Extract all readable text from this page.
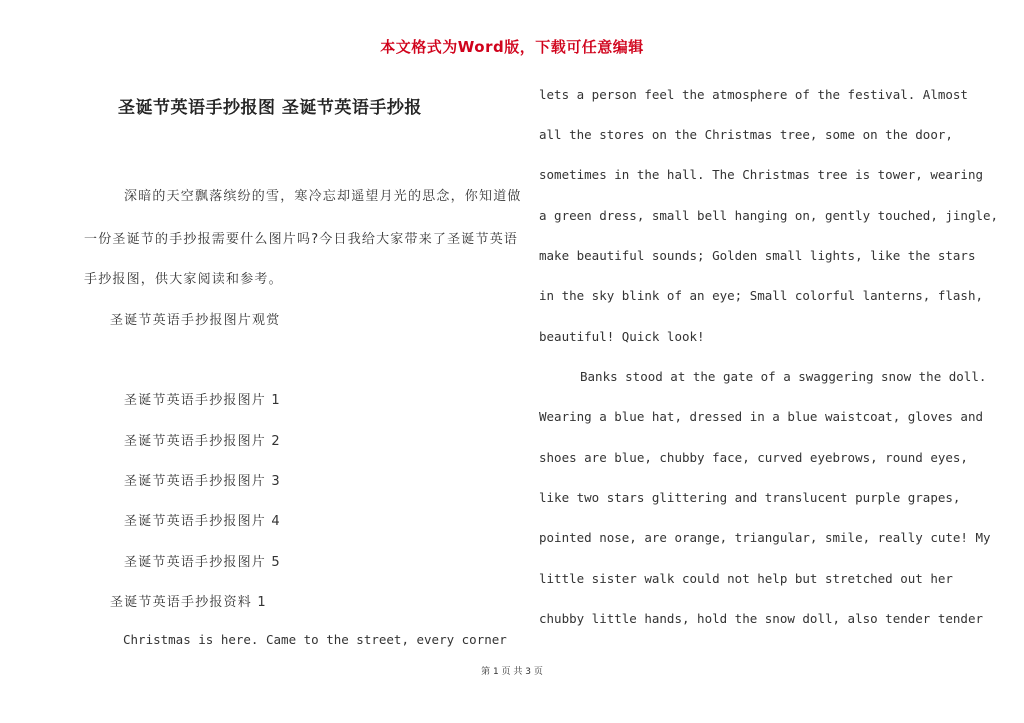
本文格式为Word版，下载可任意编辑
圣诞节英语手抄报图 圣诞节英语手抄报
深暗的天空飘落缤纷的雪，寒冷忘却遥望月光的思念，你知道做
一份圣诞节的手抄报需要什么图片吗?今日我给大家带来了圣诞节英语
手抄报图，供大家阅读和参考。
圣诞节英语手抄报图片观赏
圣诞节英语手抄报图片 1
圣诞节英语手抄报图片 2
圣诞节英语手抄报图片 3
圣诞节英语手抄报图片 4
圣诞节英语手抄报图片 5
圣诞节英语手抄报资料 1
Christmas is here. Came to the street, every corner
lets a person feel the atmosphere of the festival. Almost
all the stores on the Christmas tree, some on the door,
sometimes in the hall. The Christmas tree is tower, wearing
a green dress, small bell hanging on, gently touched, jingle,
make beautiful sounds; Golden small lights, like the stars
in the sky blink of an eye; Small colorful lanterns, flash,
beautiful! Quick look!
Banks stood at the gate of a swaggering snow the doll.
Wearing a blue hat, dressed in a blue waistcoat, gloves and
shoes are blue, chubby face, curved eyebrows, round eyes,
like two stars glittering and translucent purple grapes,
pointed nose, are orange, triangular, smile, really cute! My
little sister walk could not help but stretched out her
chubby little hands, hold the snow doll, also tender tender
第 1 页 共 3 页
